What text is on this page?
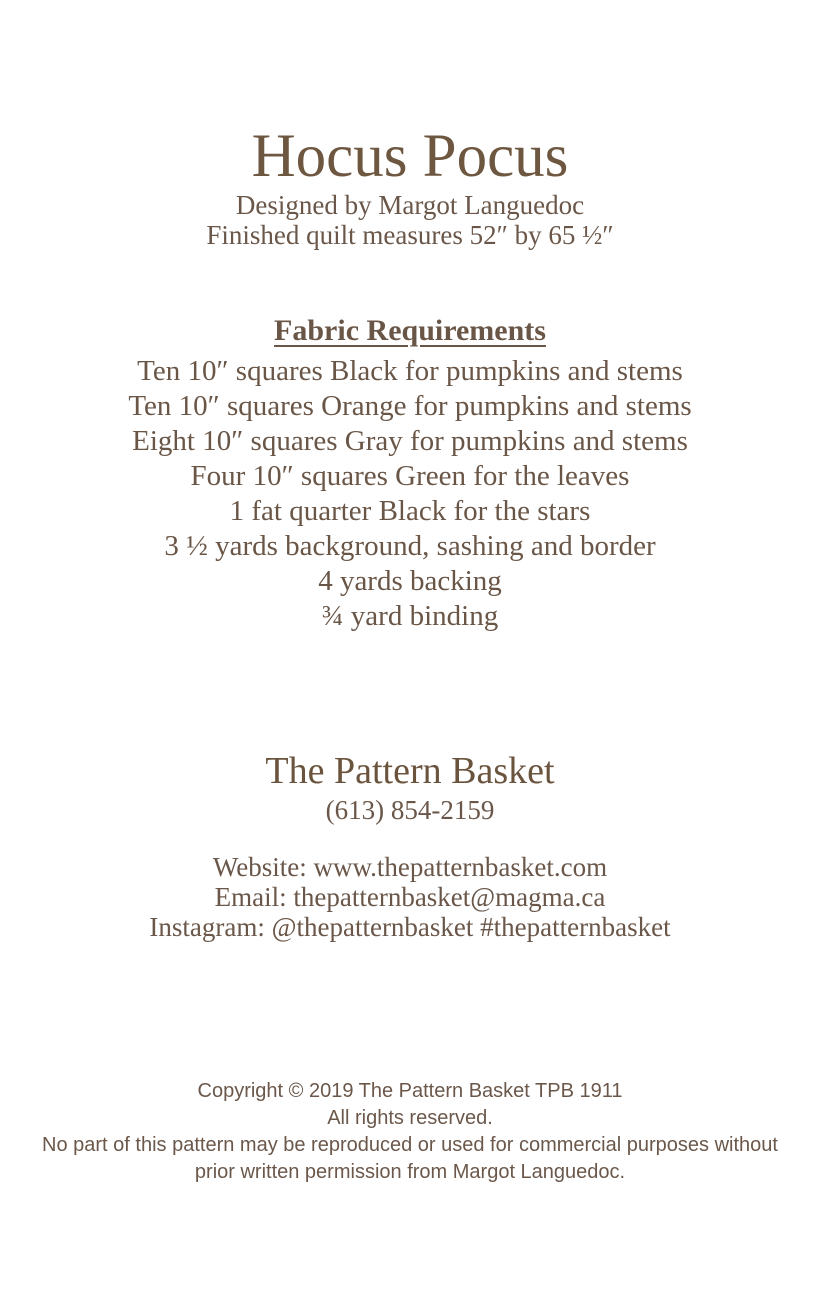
Hocus Pocus

Designed by Margot Languedoc

Finished quilt measures 52″ by 65 ½″

Fabric Requirements

Ten 10″ squares Black for pumpkins and stems

Ten 10″ squares Orange for pumpkins and stems

Eight 10″ squares Gray for pumpkins and stems

Four 10″ squares Green for the leaves

1 fat quarter Black for the stars

3 ½ yards background, sashing and border

4 yards backing

¾ yard binding

The Pattern Basket

(613) 854-2159

Website: www.thepatternbasket.com

Email: thepatternbasket@magma.ca

Instagram: @thepatternbasket #thepatternbasket

Copyright © 2019 The Pattern Basket TPB 1911

All rights reserved.

No part of this pattern may be reproduced or used for commercial purposes without

prior written permission from Margot Languedoc.
